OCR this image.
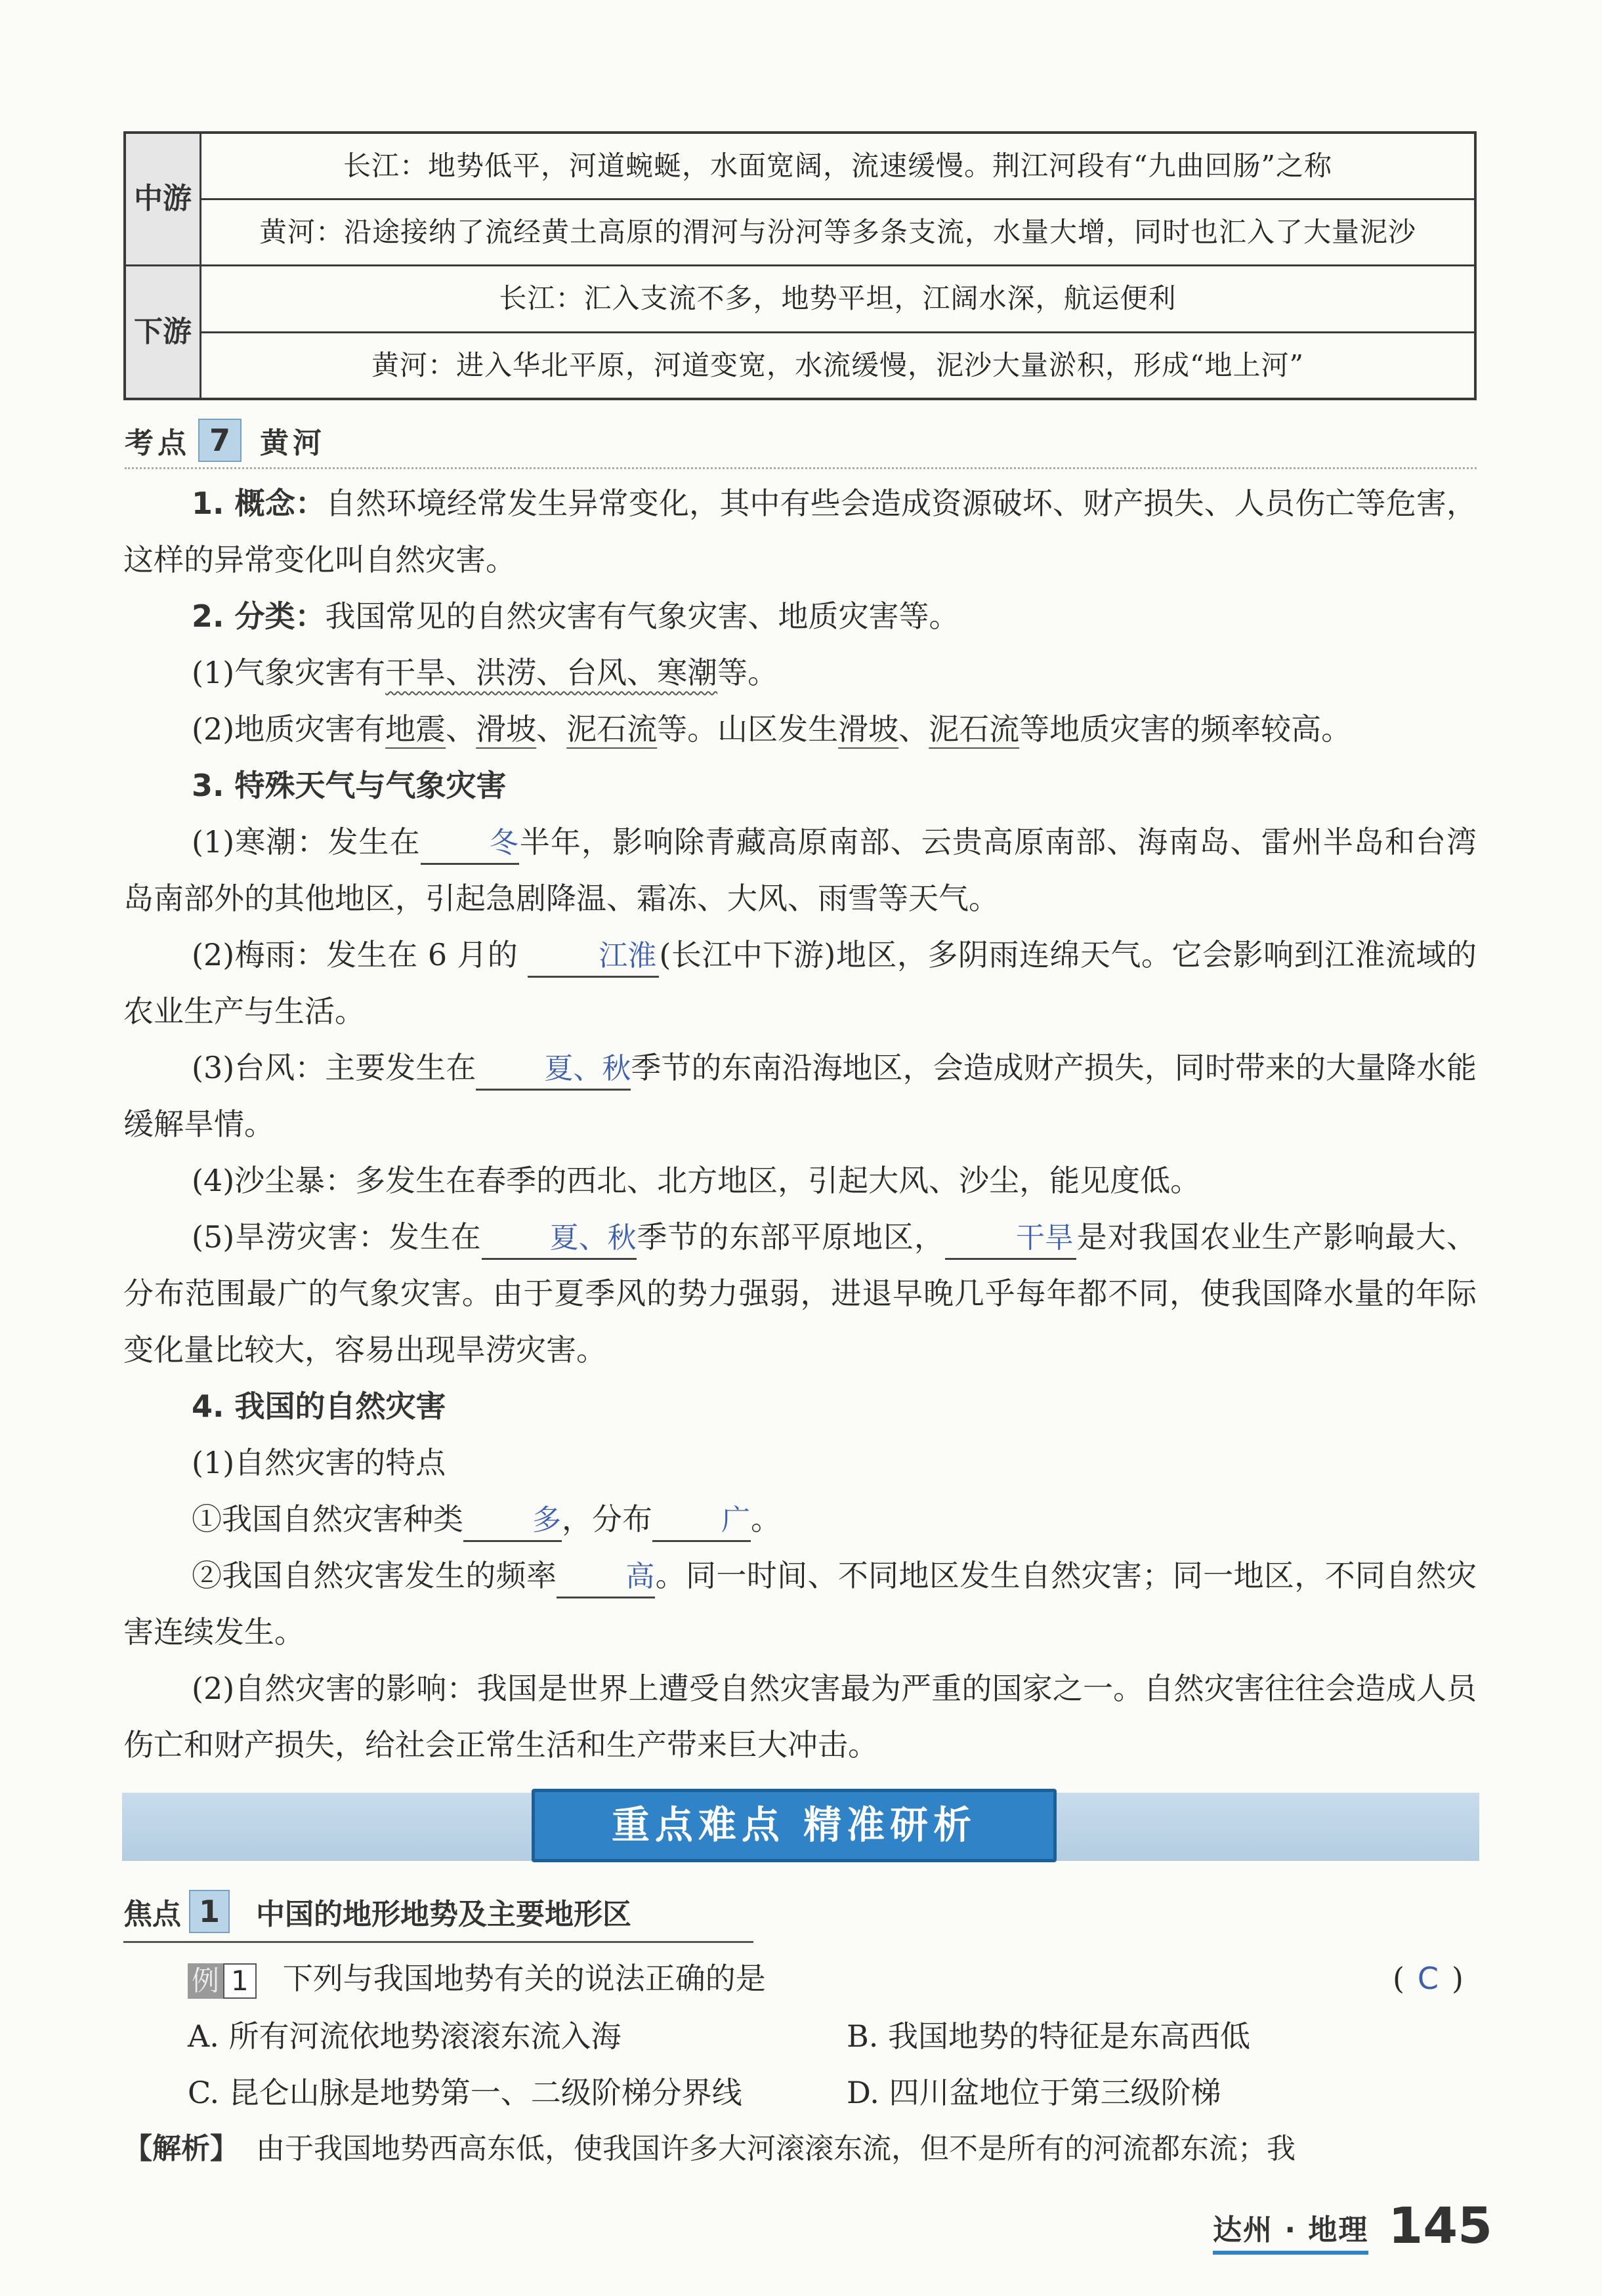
中游	长江：地势低平，河道蜿蜒，水面宽阔，流速缓慢。荆江河段有“九曲回肠”之称
	黄河：沿途接纳了流经黄土高原的渭河与汾河等多条支流，水量大增，同时也汇入了大量泥沙
下游	长江：汇入支流不多，地势平坦，江阔水深，航运便利
	黄河：进入华北平原，河道变宽，水流缓慢，泥沙大量淤积，形成“地上河”
考点 7	黄河

1. 概念：自然环境经常发生异常变化，其中有些会造成资源破坏、财产损失、人员伤亡等危害，这样的异常变化叫自然灾害。

2. 分类：我国常见的自然灾害有气象灾害、地质灾害等。

(1)气象灾害有干旱、洪涝、台风、寒潮等。

(2)地质灾害有地震、滑坡、泥石流等。山区发生滑坡、泥石流等地质灾害的频率较高。

3. 特殊天气与气象灾害

(1)寒潮：发生在 冬半年，影响除青藏高原南部、云贵高原南部、海南岛、雷州半岛和台湾岛南部外的其他地区，引起急剧降温、霜冻、大风、雨雪等天气。

(2)梅雨：发生在 6 月的	江淮(长江中下游)地区，多阴雨连绵天气。它会影响到江淮流域的农业生产与生活。

(3)台风：主要发生在 夏、秋季节的东南沿海地区，会造成财产损失，同时带来的大量降水能缓解旱情。

(4)沙尘暴：多发生在春季的西北、北方地区，引起大风、沙尘，能见度低。

(5)旱涝灾害：发生在 夏、秋季节的东部平原地区， 干旱是对我国农业生产影响最大、分布范围最广的气象灾害。由于夏季风的势力强弱，进退早晚几乎每年都不同，使我国降水量的年际变化量比较大，容易出现旱涝灾害。

4. 我国的自然灾害

(1)自然灾害的特点

①我国自然灾害种类 多，分布 广。

②我国自然灾害发生的频率 高。同一时间、不同地区发生自然灾害；同一地区，不同自然灾害连续发生。

(2)自然灾害的影响：我国是世界上遭受自然灾害最为严重的国家之一。自然灾害往往会造成人员伤亡和财产损失，给社会正常生活和生产带来巨大冲击。

重点难点 精准研析
焦点 1	中国的地形地势及主要地形区
例 1 下列与我国地势有关的说法正确的是	(C)
A. 所有河流依地势滚滚东流入海	B. 我国地势的特征是东高西低
C. 昆仑山脉是地势第一、二级阶梯分界线	D. 四川盆地位于第三级阶梯
【解析】 由于我国地势西高东低，使我国许多大河滚滚东流，但不是所有的河流都东流；我
达州 · 地理 145
